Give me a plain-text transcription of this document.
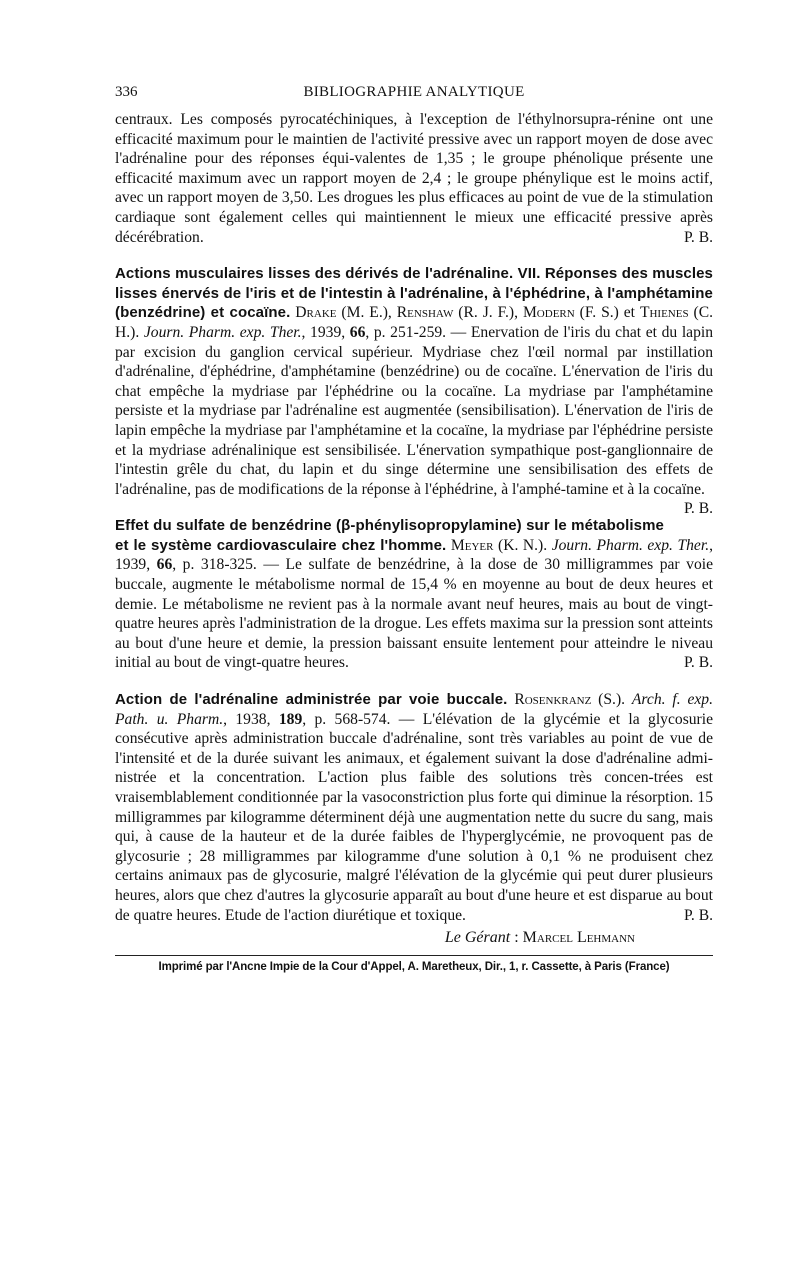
336	BIBLIOGRAPHIE ANALYTIQUE

centraux. Les composés pyrocatéchiniques, à l'exception de l'éthylnorsupra-rénine ont une efficacité maximum pour le maintien de l'activité pressive avec un rapport moyen de dose avec l'adrénaline pour des réponses équi-valentes de 1,35 ; le groupe phénolique présente une efficacité maximum avec un rapport moyen de 2,4 ; le groupe phénylique est le moins actif, avec un rapport moyen de 3,50. Les drogues les plus efficaces au point de vue de la stimulation cardiaque sont également celles qui maintiennent le mieux une efficacité pressive après décérébration.	P. B.

Actions musculaires lisses des dérivés de l'adrénaline. VII. Réponses des muscles lisses énervés de l'iris et de l'intestin à l'adrénaline, à l'éphédrine, à l'amphétamine (benzédrine) et cocaïne. Drake (M. E.), Renshaw (R. J. F.), Modern (F. S.) et Thienes (C. H.). Journ. Pharm. exp. Ther., 1939, 66, p. 251-259. — Enervation de l'iris du chat et du lapin par excision du ganglion cervical supérieur. Mydriase chez l'œil normal par instillation d'adrénaline, d'éphédrine, d'amphétamine (benzédrine) ou de cocaïne. L'énervation de l'iris du chat empêche la mydriase par l'éphédrine ou la cocaïne. La mydriase par l'amphétamine persiste et la mydriase par l'adrénaline est augmentée (sensibilisation). L'énervation de l'iris de lapin empêche la mydriase par l'amphétamine et la cocaïne, la mydriase par l'éphédrine persiste et la mydriase adrénalinique est sensibilisée. L'énervation sympathique post-ganglionnaire de l'intestin grêle du chat, du lapin et du singe détermine une sensibilisation des effets de l'adrénaline, pas de modifications de la réponse à l'éphédrine, à l'amphé-tamine et à la cocaïne.
P. B.

Effet du sulfate de benzédrine (β-phénylisopropylamine) sur le métabolisme et le système cardiovasculaire chez l'homme. Meyer (K. N.). Journ. Pharm. exp. Ther., 1939, 66, p. 318-325. — Le sulfate de benzédrine, à la dose de 30 milligrammes par voie buccale, augmente le métabolisme normal de 15,4 % en moyenne au bout de deux heures et demie. Le métabolisme ne revient pas à la normale avant neuf heures, mais au bout de vingt-quatre heures après l'administration de la drogue. Les effets maxima sur la pression sont atteints au bout d'une heure et demie, la pression baissant ensuite lentement pour atteindre le niveau initial au bout de vingt-quatre heures.	P. B.

Action de l'adrénaline administrée par voie buccale. Rosenkranz (S.). Arch. f. exp. Path. u. Pharm., 1938, 189, p. 568-574. — L'élévation de la glycémie et la glycosurie consécutive après administration buccale d'adrénaline, sont très variables au point de vue de l'intensité et de la durée suivant les animaux, et également suivant la dose d'adrénaline admi-nistrée et la concentration. L'action plus faible des solutions très concen-trées est vraisemblablement conditionnée par la vasoconstriction plus forte qui diminue la résorption. 15 milligrammes par kilogramme déterminent déjà une augmentation nette du sucre du sang, mais qui, à cause de la hauteur et de la durée faibles de l'hyperglycémie, ne provoquent pas de glycosurie ; 28 milligrammes par kilogramme d'une solution à 0,1 % ne produisent chez certains animaux pas de glycosurie, malgré l'élévation de la glycémie qui peut durer plusieurs heures, alors que chez d'autres la glycosurie apparaît au bout d'une heure et est disparue au bout de quatre heures. Etude de l'action diurétique et toxique.	P. B.

Le Gérant : Marcel Lehmann
Imprimé par l'Ancne Impie de la Cour d'Appel, A. Maretheux, Dir., 1, r. Cassette, à Paris (France)
